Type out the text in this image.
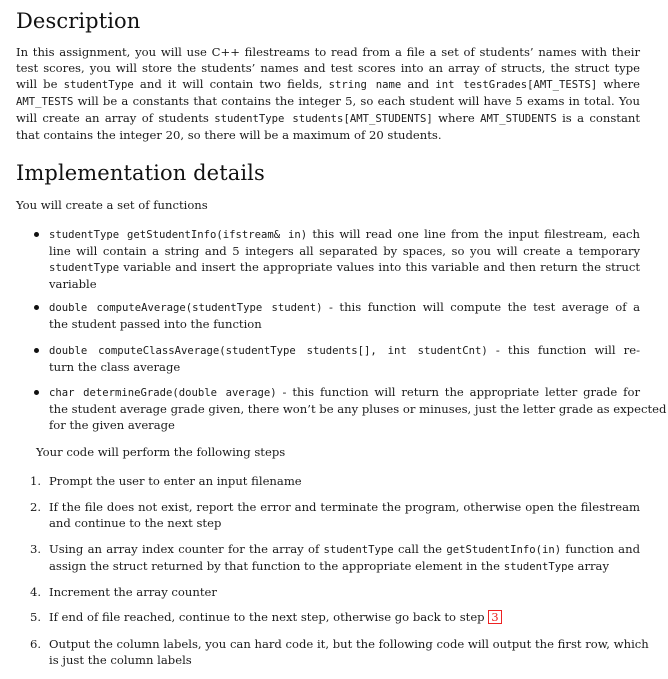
Description
In this assignment, you will use C++ filestreams to read from a file a set of students’ names with their
test scores, you will store the students’ names and test scores into an array of structs, the struct type
will be studentType and it will contain two fields, string name and int testGrades[AMT_TESTS] where
AMT_TESTS will be a constants that contains the integer 5, so each student will have 5 exams in total. You
will create an array of students studentType students[AMT_STUDENTS] where AMT_STUDENTS is a constant
that contains the integer 20, so there will be a maximum of 20 students.
Implementation details
You will create a set of functions
studentType getStudentInfo(ifstream& in) this will read one line from the input filestream, each
line will contain a string and 5 integers all separated by spaces, so you will create a temporary
studentType variable and insert the appropriate values into this variable and then return the struct
variable
double computeAverage(studentType student) - this function will compute the test average of a
the student passed into the function
double computeClassAverage(studentType students[], int studentCnt) - this function will re-
turn the class average
char determineGrade(double average) - this function will return the appropriate letter grade for
the student average grade given, there won’t be any pluses or minuses, just the letter grade as expected
for the given average
Your code will perform the following steps
1. Prompt the user to enter an input filename
2. If the file does not exist, report the error and terminate the program, otherwise open the filestream
and continue to the next step
3. Using an array index counter for the array of studentType call the getStudentInfo(in) function and
assign the struct returned by that function to the appropriate element in the studentType array
4. Increment the array counter
5. If end of file reached, continue to the next step, otherwise go back to step 3
6. Output the column labels, you can hard code it, but the following code will output the first row, which
is just the column labels
